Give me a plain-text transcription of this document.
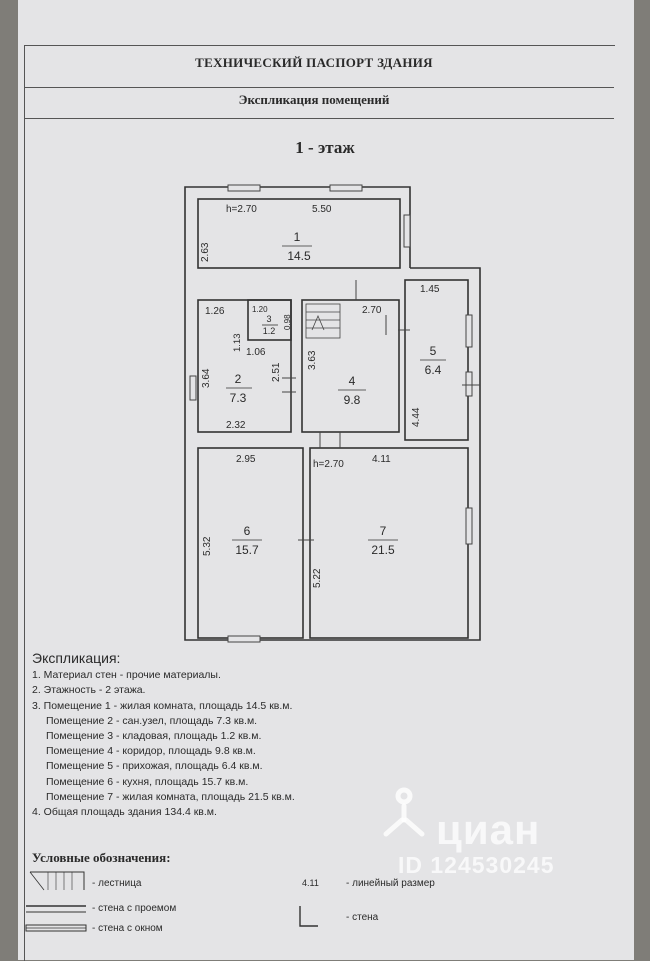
ТЕХНИЧЕСКИЙ ПАСПОРТ ЗДАНИЯ
Экспликация помещений
1 - этаж
1
14.5
2
7.3
3
1.2
4
9.8
5
6.4
6
15.7
7
21.5
h=2.70	5.50
2.63
1.45
1.26	1.20
0.98
1.13
1.06
3.64	2.51
3.63
2.70
4.44
2.32
2.95	h=2.70	4.11
5.32
5.22
Экспликация:
1. Материал стен - прочие материалы.
2. Этажность - 2 этажа.
3. Помещение 1 - жилая комната, площадь 14.5 кв.м.
Помещение 2 - сан.узел, площадь 7.3 кв.м.
Помещение 3 - кладовая, площадь 1.2 кв.м.
Помещение 4 - коридор, площадь 9.8 кв.м.
Помещение 5 - прихожая, площадь 6.4 кв.м.
Помещение 6 - кухня, площадь 15.7 кв.м.
Помещение 7 - жилая комната, площадь 21.5 кв.м.
4. Общая площадь здания 134.4 кв.м.
Условные обозначения:
- лестница
- стена с проемом
- стена с окном
4.11	- линейный размер
- стена
циан
ID 124530245
